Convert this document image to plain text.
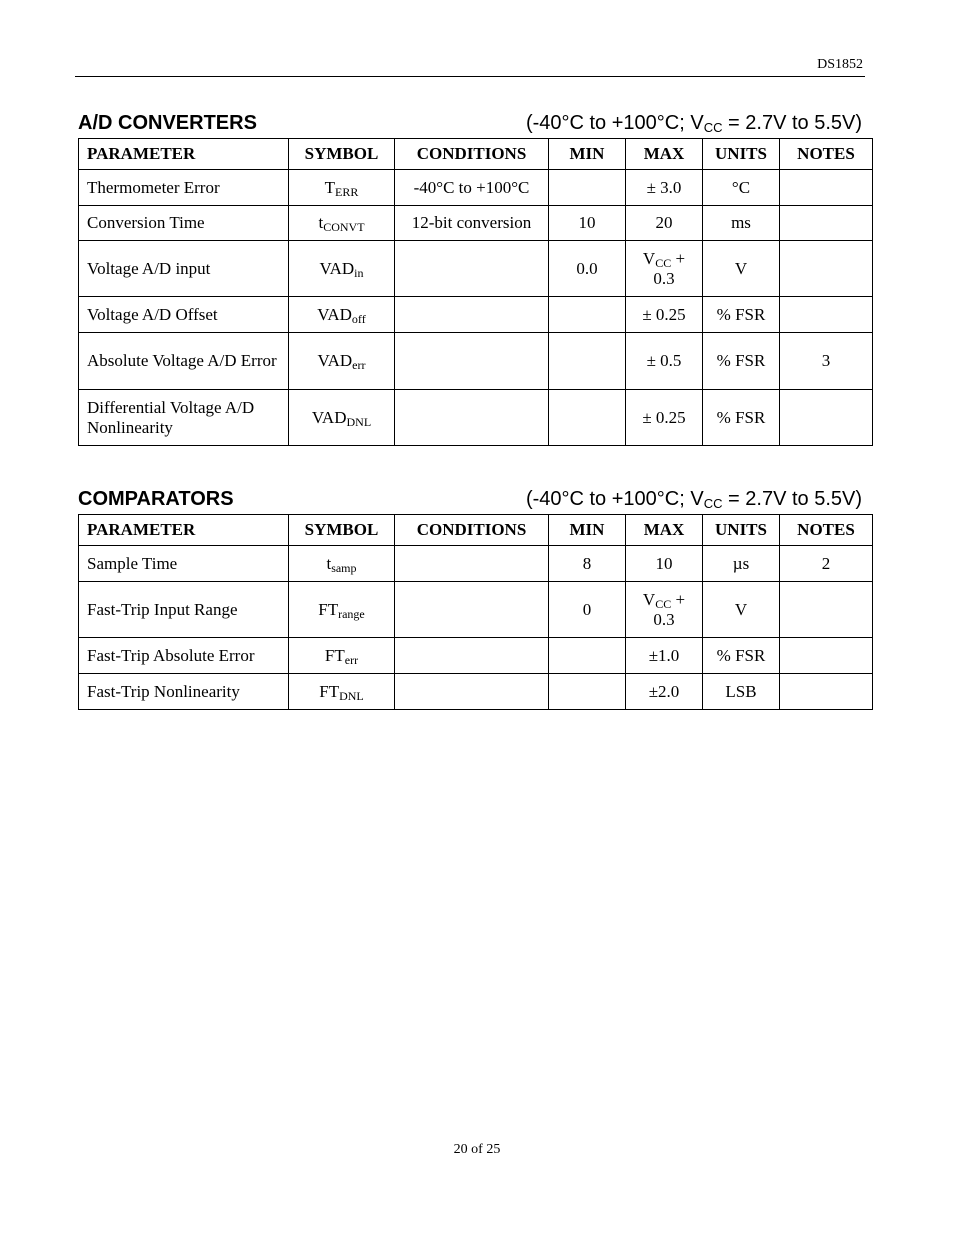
DS1852
A/D CONVERTERS	(-40°C to +100°C; $V_{CC} = 2.7V$ to 5.5V)
PARAMETER	SYMBOL	CONDITIONS	MIN	MAX	UNITS	NOTES
Thermometer Error	$T_{ERR}$	-40°C to +100°C		± 3.0	°C	
Conversion Time	$t_{CONVT}$	12-bit conversion	10	20	ms	
Voltage A/D input	$VAD_{in}$		0.0	$V_{CC} + 0.3$	V	
Voltage A/D Offset	$VAD_{off}$			± 0.25	% FSR	
Absolute Voltage A/D Error	$VAD_{err}$			± 0.5	% FSR	3
Differential Voltage A/D Nonlinearity	$VAD_{DNL}$			± 0.25	% FSR	
COMPARATORS	(-40°C to +100°C; $V_{CC} = 2.7V$ to 5.5V)
PARAMETER	SYMBOL	CONDITIONS	MIN	MAX	UNITS	NOTES
Sample Time	$t_{samp}$		8	10	µs	2
Fast-Trip Input Range	$FT_{range}$		0	$V_{CC} + 0.3$	V	
Fast-Trip Absolute Error	$FT_{err}$			±1.0	% FSR	
Fast-Trip Nonlinearity	$FT_{DNL}$			±2.0	LSB	
20 of 25
